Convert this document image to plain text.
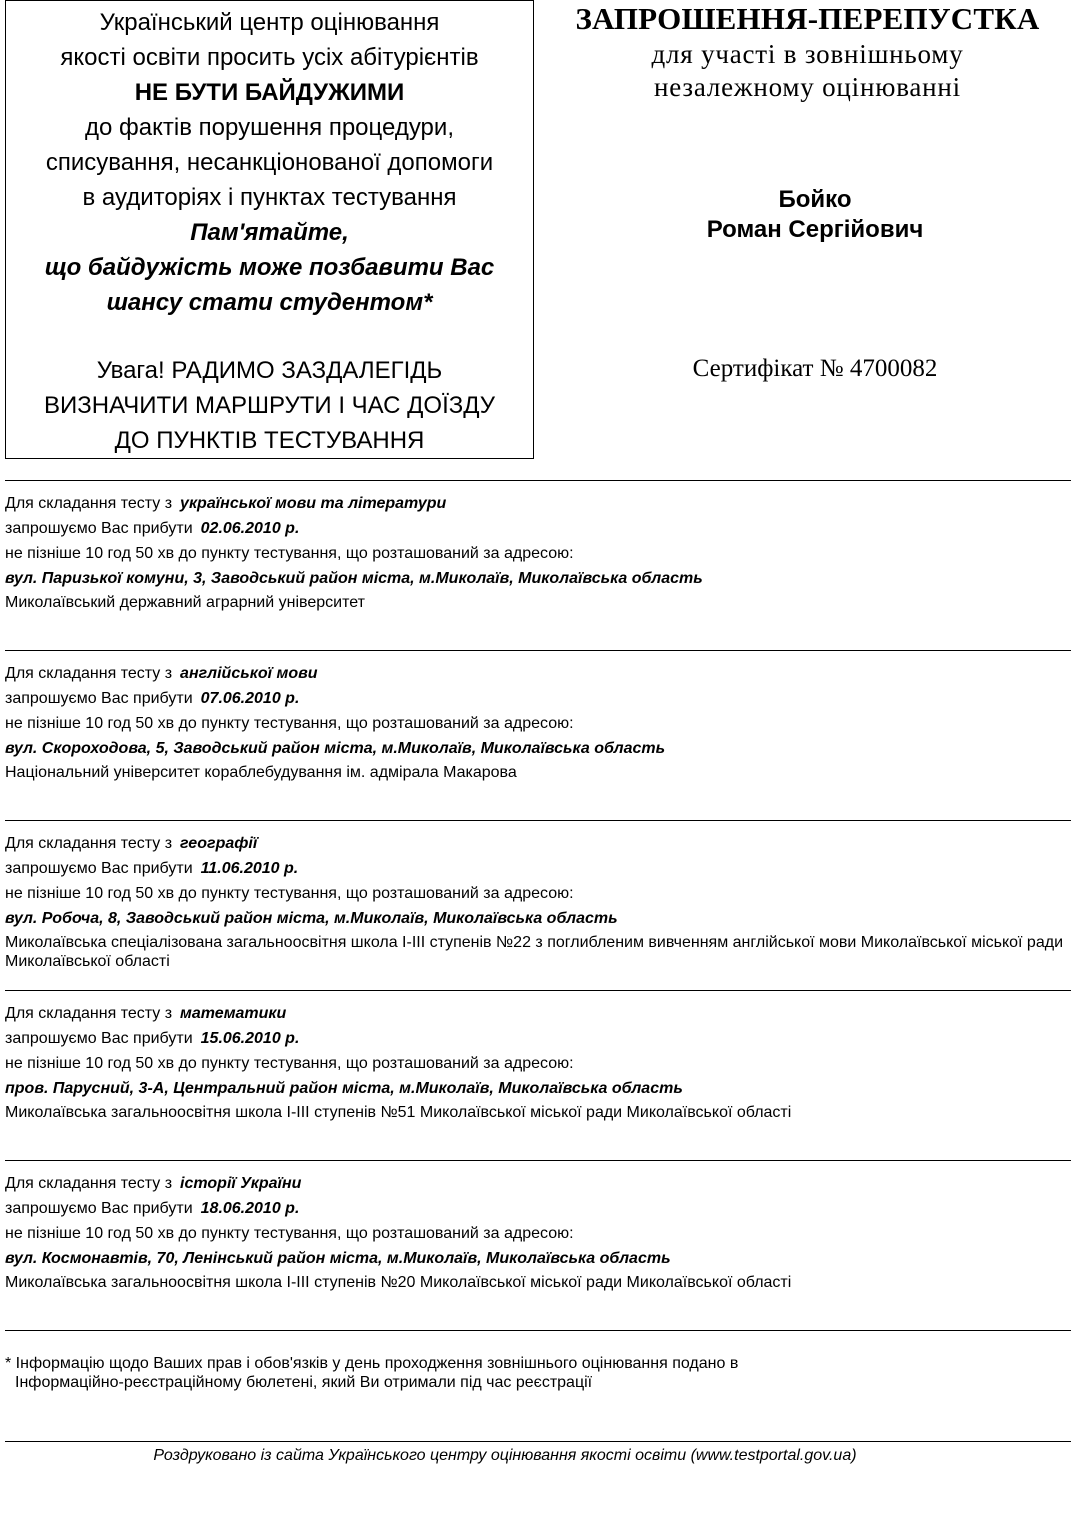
Український центр оцінювання
якості освіти просить усіх абітурієнтів
НЕ БУТИ БАЙДУЖИМИ
до фактів порушення процедури,
списування, несанкціонованої допомоги
в аудиторіях і пунктах тестування
Пам'ятайте,
що байдужість може позбавити Вас
шансу стати студентом*
Увага! РАДИМО ЗАЗДАЛЕГІДЬ
ВИЗНАЧИТИ МАРШРУТИ І ЧАС ДОЇЗДУ
ДО ПУНКТІВ ТЕСТУВАННЯ
ЗАПРОШЕННЯ-ПЕРЕПУСТКА
для участі в зовнішньому
незалежному оцінюванні
Бойко
Роман Сергійович
Сертифікат № 4700082
Для складання тесту з української мови та літератури
запрошуємо Вас прибути 02.06.2010 р.
не пізніше 10 год 50 хв до пункту тестування, що розташований за адресою:
вул. Паризької комуни, 3, Заводський район міста, м.Миколаїв, Миколаївська область
Миколаївський державний аграрний університет
Для складання тесту з англійської мови
запрошуємо Вас прибути 07.06.2010 р.
не пізніше 10 год 50 хв до пункту тестування, що розташований за адресою:
вул. Скороходова, 5, Заводський район міста, м.Миколаїв, Миколаївська область
Національний університет кораблебудування ім. адмірала Макарова
Для складання тесту з географії
запрошуємо Вас прибути 11.06.2010 р.
не пізніше 10 год 50 хв до пункту тестування, що розташований за адресою:
вул. Робоча, 8, Заводський район міста, м.Миколаїв, Миколаївська область
Миколаївська спеціалізована загальноосвітня школа І-ІІІ ступенів №22 з поглибленим вивченням англійської мови Миколаївської міської ради Миколаївської області
Для складання тесту з математики
запрошуємо Вас прибути 15.06.2010 р.
не пізніше 10 год 50 хв до пункту тестування, що розташований за адресою:
пров. Парусний, 3-А, Центральний район міста, м.Миколаїв, Миколаївська область
Миколаївська загальноосвітня школа І-ІІІ ступенів №51 Миколаївської міської ради Миколаївської області
Для складання тесту з історії України
запрошуємо Вас прибути 18.06.2010 р.
не пізніше 10 год 50 хв до пункту тестування, що розташований за адресою:
вул. Космонавтів, 70, Ленінський район міста, м.Миколаїв, Миколаївська область
Миколаївська загальноосвітня школа І-ІІІ ступенів №20 Миколаївської міської ради Миколаївської області
* Інформацію щодо Ваших прав і обов'язків у день проходження зовнішнього оцінювання подано в
Інформаційно-реєстраційному бюлетені, який Ви отримали під час реєстрації
Роздруковано із сайта Українського центру оцінювання якості освіти (www.testportal.gov.ua)
